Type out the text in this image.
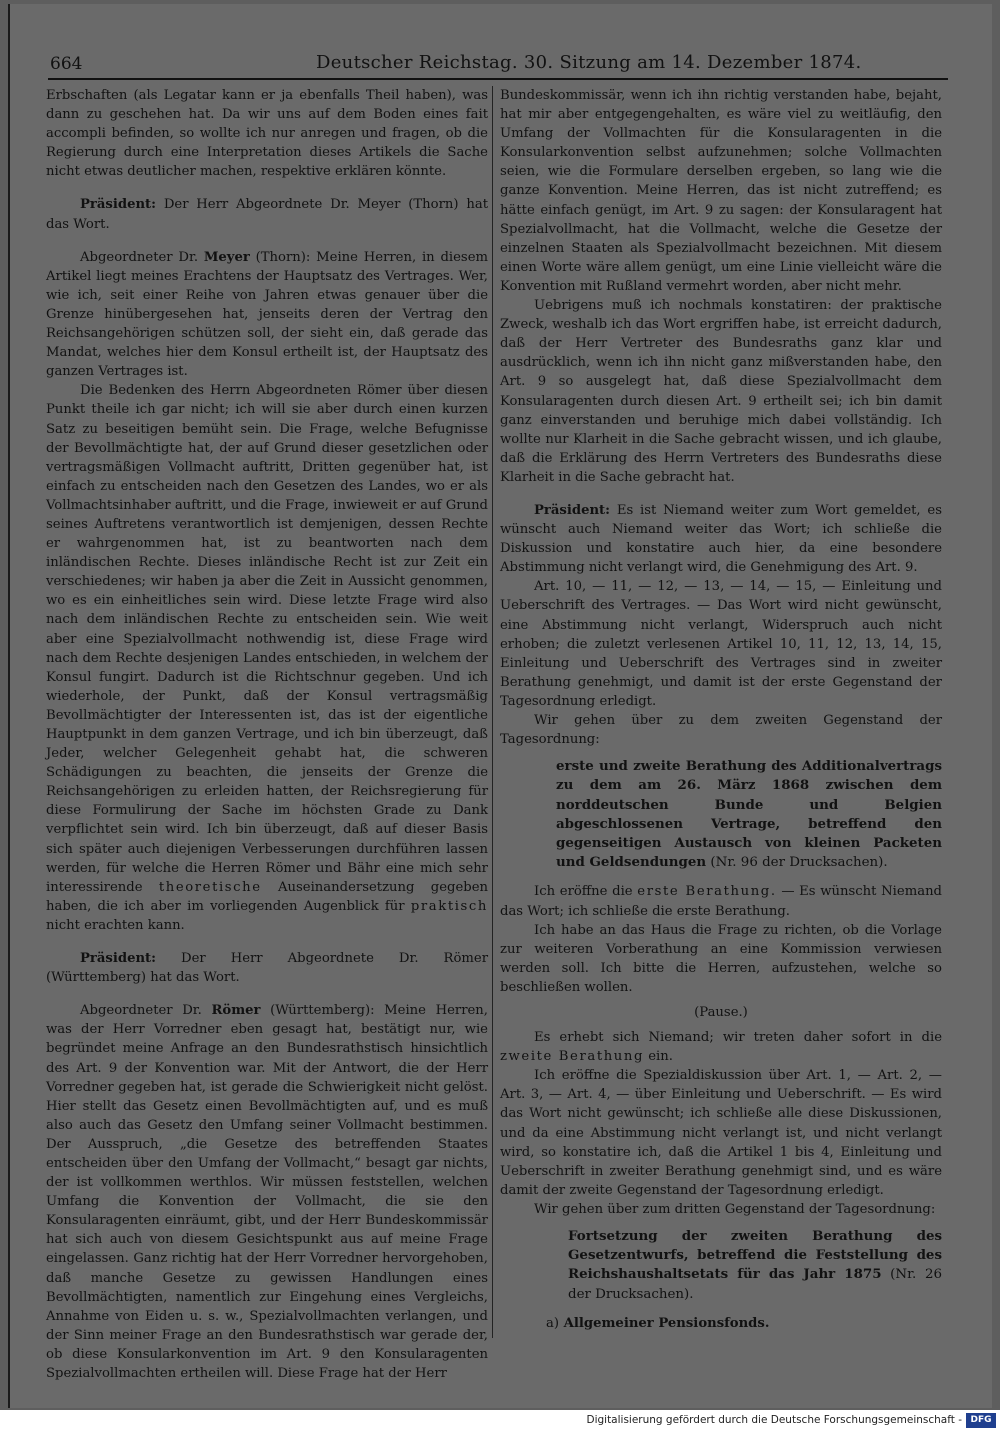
664	Deutscher Reichstag. 30. Sitzung am 14. Dezember 1874.

Erbschaften (als Legatar kann er ja ebenfalls Theil haben), was dann zu geschehen hat. Da wir uns auf dem Boden eines fait accompli befinden, so wollte ich nur anregen und fragen, ob die Regierung durch eine Interpretation dieses Artikels die Sache nicht etwas deutlicher machen, respektive erklären könnte.

Präsident: Der Herr Abgeordnete Dr. Meyer (Thorn) hat das Wort.

Abgeordneter Dr. Meyer (Thorn): Meine Herren, in diesem Artikel liegt meines Erachtens der Hauptsatz des Vertrages. Wer, wie ich, seit einer Reihe von Jahren etwas genauer über die Grenze hinübergesehen hat, jenseits deren der Vertrag den Reichsangehörigen schützen soll, der sieht ein, daß gerade das Mandat, welches hier dem Konsul ertheilt ist, der Hauptsatz des ganzen Vertrages ist.

Die Bedenken des Herrn Abgeordneten Römer über diesen Punkt theile ich gar nicht; ich will sie aber durch einen kurzen Satz zu beseitigen bemüht sein. Die Frage, welche Befugnisse der Bevollmächtigte hat, der auf Grund dieser gesetzlichen oder vertragsmäßigen Vollmacht auftritt, Dritten gegenüber hat, ist einfach zu entscheiden nach den Gesetzen des Landes, wo er als Vollmachtsinhaber auftritt, und die Frage, inwieweit er auf Grund seines Auftretens verantwortlich ist demjenigen, dessen Rechte er wahrgenommen hat, ist zu beantworten nach dem inländischen Rechte. Dieses inländische Recht ist zur Zeit ein verschiedenes; wir haben ja aber die Zeit in Aussicht genommen, wo es ein einheitliches sein wird. Diese letzte Frage wird also nach dem inländischen Rechte zu entscheiden sein. Wie weit aber eine Spezialvollmacht nothwendig ist, diese Frage wird nach dem Rechte desjenigen Landes entschieden, in welchem der Konsul fungirt. Dadurch ist die Richtschnur gegeben. Und ich wiederhole, der Punkt, daß der Konsul vertragsmäßig Bevollmächtigter der Interessenten ist, das ist der eigentliche Hauptpunkt in dem ganzen Vertrage, und ich bin überzeugt, daß Jeder, welcher Gelegenheit gehabt hat, die schweren Schädigungen zu beachten, die jenseits der Grenze die Reichsangehörigen zu erleiden hatten, der Reichsregierung für diese Formulirung der Sache im höchsten Grade zu Dank verpflichtet sein wird. Ich bin überzeugt, daß auf dieser Basis sich später auch diejenigen Verbesserungen durchführen lassen werden, für welche die Herren Römer und Bähr eine mich sehr interessirende theoretische Auseinandersetzung gegeben haben, die ich aber im vorliegenden Augenblick für praktisch nicht erachten kann.

Präsident: Der Herr Abgeordnete Dr. Römer (Württemberg) hat das Wort.

Abgeordneter Dr. Römer (Württemberg): Meine Herren, was der Herr Vorredner eben gesagt hat, bestätigt nur, wie begründet meine Anfrage an den Bundesrathstisch hinsichtlich des Art. 9 der Konvention war. Mit der Antwort, die der Herr Vorredner gegeben hat, ist gerade die Schwierigkeit nicht gelöst. Hier stellt das Gesetz einen Bevollmächtigten auf, und es muß also auch das Gesetz den Umfang seiner Vollmacht bestimmen. Der Ausspruch, „die Gesetze des betreffenden Staates entscheiden über den Umfang der Vollmacht,“ besagt gar nichts, der ist vollkommen werthlos. Wir müssen feststellen, welchen Umfang die Konvention der Vollmacht, die sie den Konsularagenten einräumt, gibt, und der Herr Bundeskommissär hat sich auch von diesem Gesichtspunkt aus auf meine Frage eingelassen. Ganz richtig hat der Herr Vorredner hervorgehoben, daß manche Gesetze zu gewissen Handlungen eines Bevollmächtigten, namentlich zur Eingehung eines Vergleichs, Annahme von Eiden u. s. w., Spezialvollmachten verlangen, und der Sinn meiner Frage an den Bundesrathstisch war gerade der, ob diese Konsularkonvention im Art. 9 den Konsularagenten Spezialvollmachten ertheilen will. Diese Frage hat der Herr

Bundeskommissär, wenn ich ihn richtig verstanden habe, bejaht, hat mir aber entgegengehalten, es wäre viel zu weitläufig, den Umfang der Vollmachten für die Konsularagenten in die Konsularkonvention selbst aufzunehmen; solche Vollmachten seien, wie die Formulare derselben ergeben, so lang wie die ganze Konvention. Meine Herren, das ist nicht zutreffend; es hätte einfach genügt, im Art. 9 zu sagen: der Konsularagent hat Spezialvollmacht, hat die Vollmacht, welche die Gesetze der einzelnen Staaten als Spezialvollmacht bezeichnen. Mit diesem einen Worte wäre allem genügt, um eine Linie vielleicht wäre die Konvention mit Rußland vermehrt worden, aber nicht mehr.

Uebrigens muß ich nochmals konstatiren: der praktische Zweck, weshalb ich das Wort ergriffen habe, ist erreicht dadurch, daß der Herr Vertreter des Bundesraths ganz klar und ausdrücklich, wenn ich ihn nicht ganz mißverstanden habe, den Art. 9 so ausgelegt hat, daß diese Spezialvollmacht dem Konsularagenten durch diesen Art. 9 ertheilt sei; ich bin damit ganz einverstanden und beruhige mich dabei vollständig. Ich wollte nur Klarheit in die Sache gebracht wissen, und ich glaube, daß die Erklärung des Herrn Vertreters des Bundesraths diese Klarheit in die Sache gebracht hat.

Präsident: Es ist Niemand weiter zum Wort gemeldet, es wünscht auch Niemand weiter das Wort; ich schließe die Diskussion und konstatire auch hier, da eine besondere Abstimmung nicht verlangt wird, die Genehmigung des Art. 9.

Art. 10, — 11, — 12, — 13, — 14, — 15, — Einleitung und Ueberschrift des Vertrages. — Das Wort wird nicht gewünscht, eine Abstimmung nicht verlangt, Widerspruch auch nicht erhoben; die zuletzt verlesenen Artikel 10, 11, 12, 13, 14, 15, Einleitung und Ueberschrift des Vertrages sind in zweiter Berathung genehmigt, und damit ist der erste Gegenstand der Tagesordnung erledigt.

Wir gehen über zu dem zweiten Gegenstand der Tagesordnung:

erste und zweite Berathung des Additionalvertrags zu dem am 26. März 1868 zwischen dem norddeutschen Bunde und Belgien abgeschlossenen Vertrage, betreffend den gegenseitigen Austausch von kleinen Packeten und Geldsendungen (Nr. 96 der Drucksachen).

Ich eröffne die erste Berathung. — Es wünscht Niemand das Wort; ich schließe die erste Berathung.

Ich habe an das Haus die Frage zu richten, ob die Vorlage zur weiteren Vorberathung an eine Kommission verwiesen werden soll. Ich bitte die Herren, aufzustehen, welche so beschließen wollen.

(Pause.)

Es erhebt sich Niemand; wir treten daher sofort in die zweite Berathung ein.

Ich eröffne die Spezialdiskussion über Art. 1, — Art. 2, — Art. 3, — Art. 4, — über Einleitung und Ueberschrift. — Es wird das Wort nicht gewünscht; ich schließe alle diese Diskussionen, und da eine Abstimmung nicht verlangt ist, und nicht verlangt wird, so konstatire ich, daß die Artikel 1 bis 4, Einleitung und Ueberschrift in zweiter Berathung genehmigt sind, und es wäre damit der zweite Gegenstand der Tagesordnung erledigt.

Wir gehen über zum dritten Gegenstand der Tagesordnung:

Fortsetzung der zweiten Berathung des Gesetzentwurfs, betreffend die Feststellung des Reichshaushaltsetats für das Jahr 1875 (Nr. 26 der Drucksachen).

a) Allgemeiner Pensionsfonds.

Digitalisierung gefördert durch die Deutsche Forschungsgemeinschaft - DFG
